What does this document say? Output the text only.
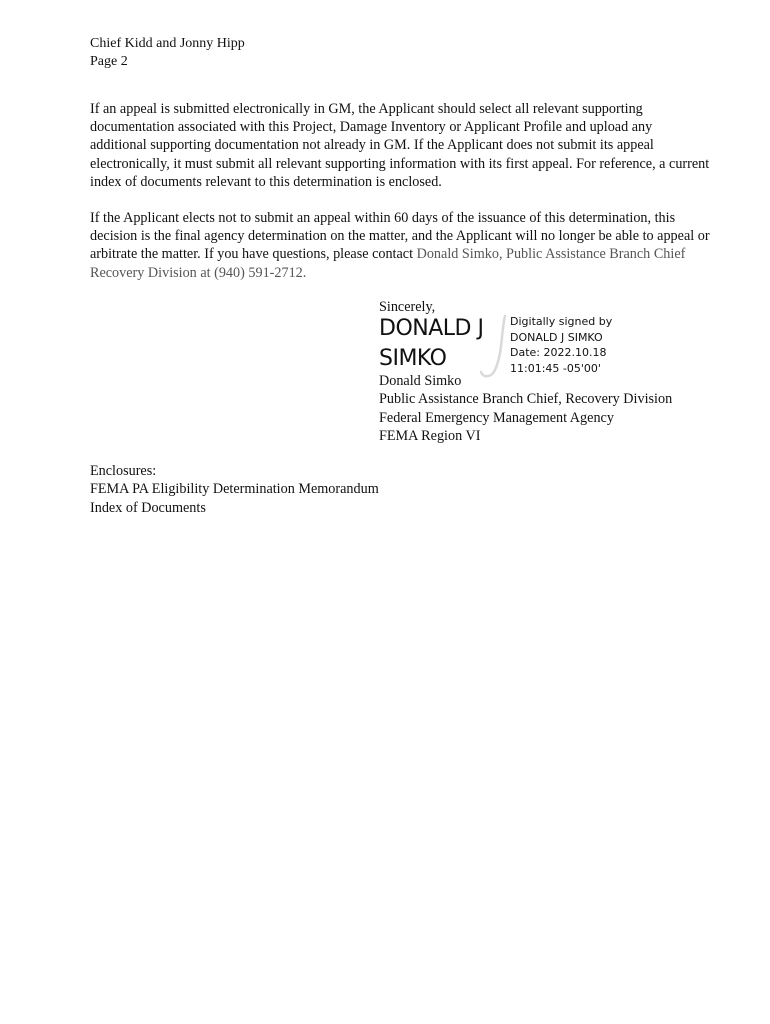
Chief Kidd and Jonny Hipp
Page 2
If an appeal is submitted electronically in GM, the Applicant should select all relevant supporting documentation associated with this Project, Damage Inventory or Applicant Profile and upload any additional supporting documentation not already in GM. If the Applicant does not submit its appeal electronically, it must submit all relevant supporting information with its first appeal. For reference, a current index of documents relevant to this determination is enclosed.
If the Applicant elects not to submit an appeal within 60 days of the issuance of this determination, this decision is the final agency determination on the matter, and the Applicant will no longer be able to appeal or arbitrate the matter. If you have questions, please contact Donald Simko, Public Assistance Branch Chief Recovery Division at (940) 591-2712.
Sincerely,
DONALD J
SIMKO
Digitally signed by
DONALD J SIMKO
Date: 2022.10.18
11:01:45 -05'00'
Donald Simko
Public Assistance Branch Chief, Recovery Division
Federal Emergency Management Agency
FEMA Region VI
Enclosures:
FEMA PA Eligibility Determination Memorandum
Index of Documents
